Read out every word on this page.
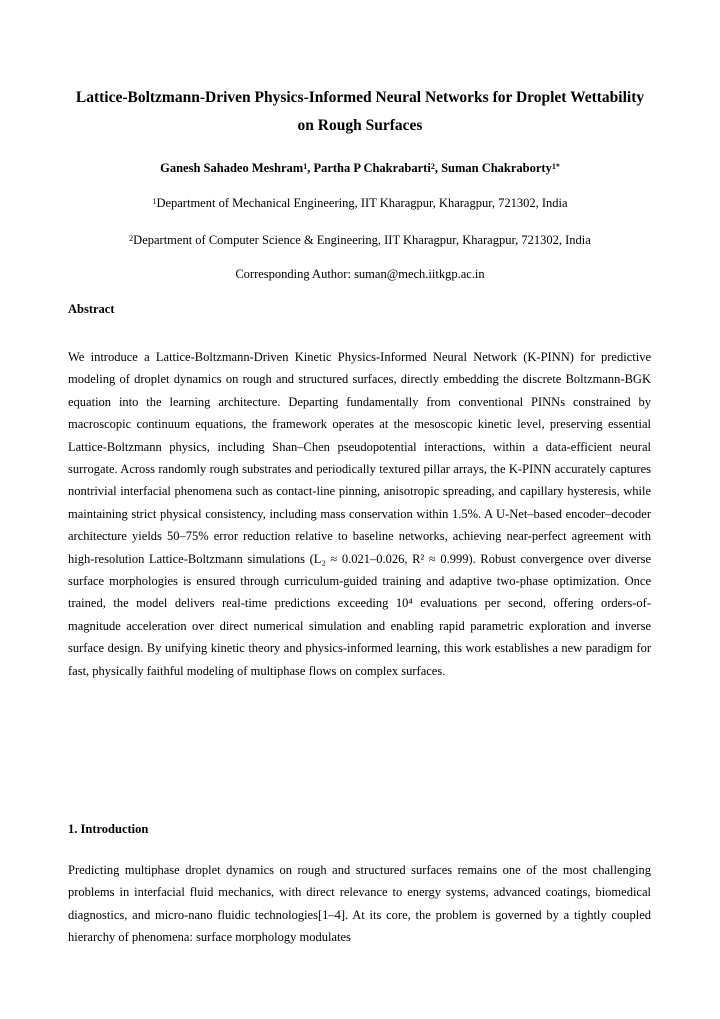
Lattice-Boltzmann-Driven Physics-Informed Neural Networks for Droplet Wettability on Rough Surfaces

Ganesh Sahadeo Meshram$^1$, Partha P Chakrabarti$^2$, Suman Chakraborty$^{1*}$

$^1$Department of Mechanical Engineering, IIT Kharagpur, Kharagpur, 721302, India

$^2$Department of Computer Science & Engineering, IIT Kharagpur, Kharagpur, 721302, India

Corresponding Author: suman@mech.iitkgp.ac.in

Abstract

We introduce a Lattice-Boltzmann-Driven Kinetic Physics-Informed Neural Network (K-PINN) for predictive modeling of droplet dynamics on rough and structured surfaces, directly embedding the discrete Boltzmann-BGK equation into the learning architecture. Departing fundamentally from conventional PINNs constrained by macroscopic continuum equations, the framework operates at the mesoscopic kinetic level, preserving essential Lattice-Boltzmann physics, including Shan–Chen pseudopotential interactions, within a data-efficient neural surrogate. Across randomly rough substrates and periodically textured pillar arrays, the K-PINN accurately captures nontrivial interfacial phenomena such as contact-line pinning, anisotropic spreading, and capillary hysteresis, while maintaining strict physical consistency, including mass conservation within 1.5%. A U-Net–based encoder–decoder architecture yields 50–75% error reduction relative to baseline networks, achieving near-perfect agreement with high-resolution Lattice-Boltzmann simulations (L₂ ≈ 0.021–0.026, R² ≈ 0.999). Robust convergence over diverse surface morphologies is ensured through curriculum-guided training and adaptive two-phase optimization. Once trained, the model delivers real-time predictions exceeding 10⁴ evaluations per second, offering orders-of-magnitude acceleration over direct numerical simulation and enabling rapid parametric exploration and inverse surface design. By unifying kinetic theory and physics-informed learning, this work establishes a new paradigm for fast, physically faithful modeling of multiphase flows on complex surfaces.

1. Introduction

Predicting multiphase droplet dynamics on rough and structured surfaces remains one of the most challenging problems in interfacial fluid mechanics, with direct relevance to energy systems, advanced coatings, biomedical diagnostics, and micro-nano fluidic technologies[1–4]. At its core, the problem is governed by a tightly coupled hierarchy of phenomena: surface morphology modulates
